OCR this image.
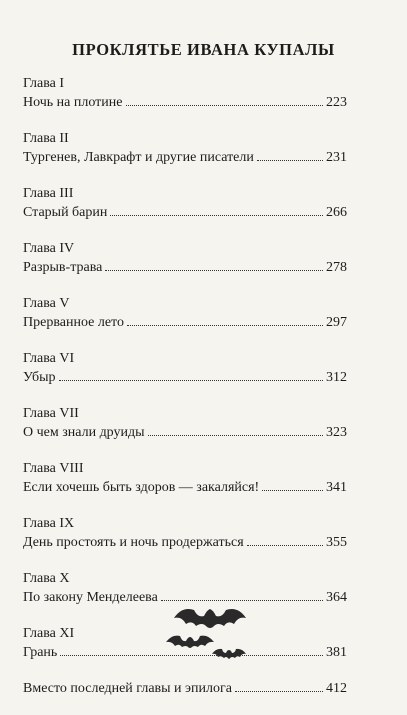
ПРОКЛЯТЬЕ ИВАНА КУПАЛЫ
Глава I
Ночь на плотине	223
Глава II
Тургенев, Лавкрафт и другие писатели	231
Глава III
Старый барин	266
Глава IV
Разрыв-трава	278
Глава V
Прерванное лето	297
Глава VI
Убыр	312
Глава VII
О чем знали друиды	323
Глава VIII
Если хочешь быть здоров — закаляйся!	341
Глава IX
День простоять и ночь продержаться	355
Глава X
По закону Менделеева	364
Глава XI
Грань	381
Вместо последней главы и эпилога	412
